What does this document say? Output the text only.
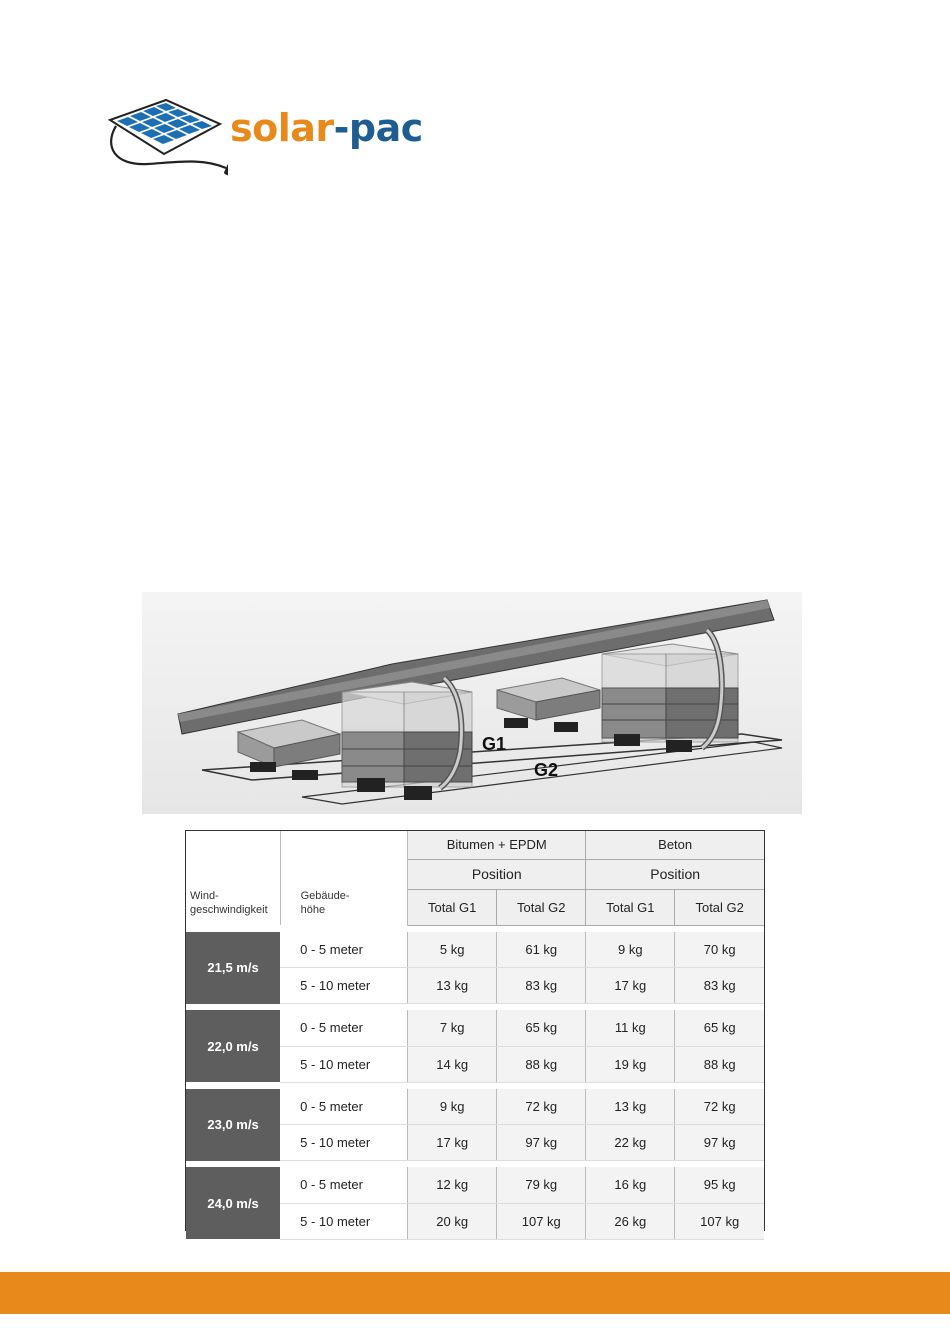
solar-pac
G1
G2
Wind-
geschwindigkeit	Gebäude-
höhe	Bitumen + EPDM		Beton	
		Position		Position	
		Total G1	Total G2	Total G1	Total G2

21,5 m/s	0 - 5 meter	5 kg	61 kg	9 kg	70 kg
	5 - 10 meter	13 kg	83 kg	17 kg	83 kg

22,0 m/s	0 - 5 meter	7 kg	65 kg	11 kg	65 kg
	5 - 10 meter	14 kg	88 kg	19 kg	88 kg

23,0 m/s	0 - 5 meter	9 kg	72 kg	13 kg	72 kg
	5 - 10 meter	17 kg	97 kg	22 kg	97 kg

24,0 m/s	0 - 5 meter	12 kg	79 kg	16 kg	95 kg
	5 - 10 meter	20 kg	107 kg	26 kg	107 kg
